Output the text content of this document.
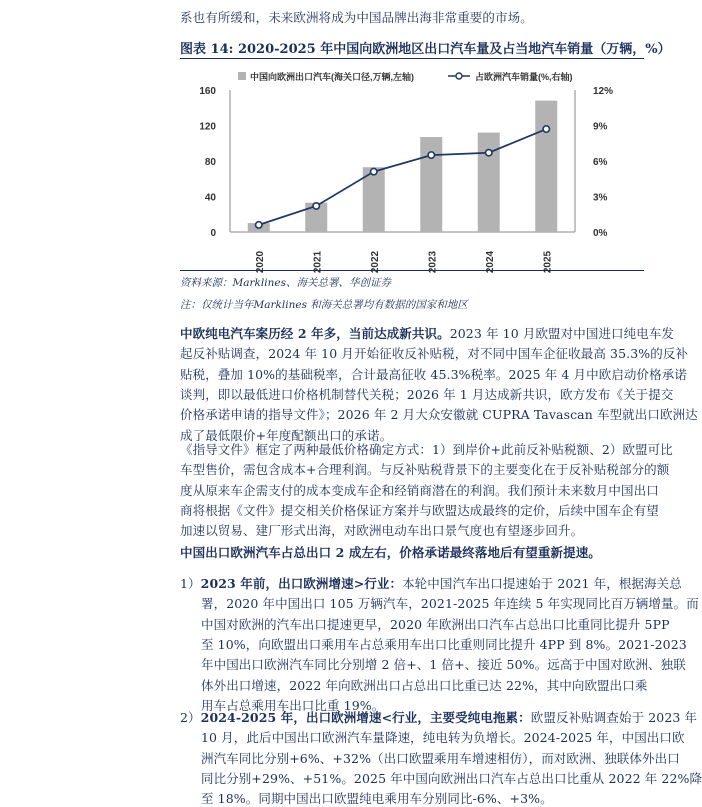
系也有所缓和，未来欧洲将成为中国品牌出海非常重要的市场。
图表 14: 2020-2025 年中国向欧洲地区出口汽车量及占当地汽车销量（万辆，%）
0
40
80
120
160
0%
3%
6%
9%
12%
2020	2021	2022	2023	2024	2025
中国向欧洲出口汽车(海关口径,万辆,左轴)	占欧洲汽车销量(%,右轴)
资料来源：Marklines、海关总署、华创证券
注：仅统计当年Marklines 和海关总署均有数据的国家和地区
中欧纯电汽车案历经 2 年多，当前达成新共识。2023 年 10 月欧盟对中国进口纯电车发
起反补贴调查，2024 年 10 月开始征收反补贴税，对不同中国车企征收最高 35.3%的反补
贴税，叠加 10%的基础税率，合计最高征收 45.3%税率。2025 年 4 月中欧启动价格承诺
谈判，即以最低进口价格机制替代关税；2026 年 1 月达成新共识，欧方发布《关于提交
价格承诺申请的指导文件》；2026 年 2 月大众安徽就 CUPRA Tavascan 车型就出口欧洲达
成了最低限价+年度配额出口的承诺。
《指导文件》框定了两种最低价格确定方式：1）到岸价+此前反补贴税额、2）欧盟可比
车型售价，需包含成本+合理利润。与反补贴税背景下的主要变化在于反补贴税部分的额
度从原来车企需支付的成本变成车企和经销商潜在的利润。我们预计未来数月中国出口
商将根据《文件》提交相关价格保证方案并与欧盟达成最终的定价，后续中国车企有望
加速以贸易、建厂形式出海，对欧洲电动车出口景气度也有望逐步回升。
中国出口欧洲汽车占总出口 2 成左右，价格承诺最终落地后有望重新提速。
1）2023 年前，出口欧洲增速>行业：本轮中国汽车出口提速始于 2021 年，根据海关总
署，2020 年中国出口 105 万辆汽车，2021-2025 年连续 5 年实现同比百万辆增量。而
中国对欧洲的汽车出口提速更早，2020 年欧洲出口汽车占总出口比重同比提升 5PP
至 10%，向欧盟出口乘用车占总乘用车出口比重则同比提升 4PP 到 8%。2021-2023
年中国出口欧洲汽车同比分别增 2 倍+、1 倍+、接近 50%。远高于中国对欧洲、独联
体外出口增速，2022 年向欧洲出口占总出口比重已达 22%，其中向欧盟出口乘
用车占总乘用车出口比重 19%。
2）2024-2025 年，出口欧洲增速<行业，主要受纯电拖累：欧盟反补贴调查始于 2023 年
10 月，此后中国出口欧洲汽车量降速，纯电转为负增长。2024-2025 年，中国出口欧
洲汽车同比分别+6%、+32%（出口欧盟乘用车增速相仿），而对欧洲、独联体外出口
同比分别+29%、+51%。2025 年中国向欧洲出口汽车占总出口比重从 2022 年 22%降
至 18%。同期中国出口欧盟纯电乘用车分别同比-6%、+3%。
